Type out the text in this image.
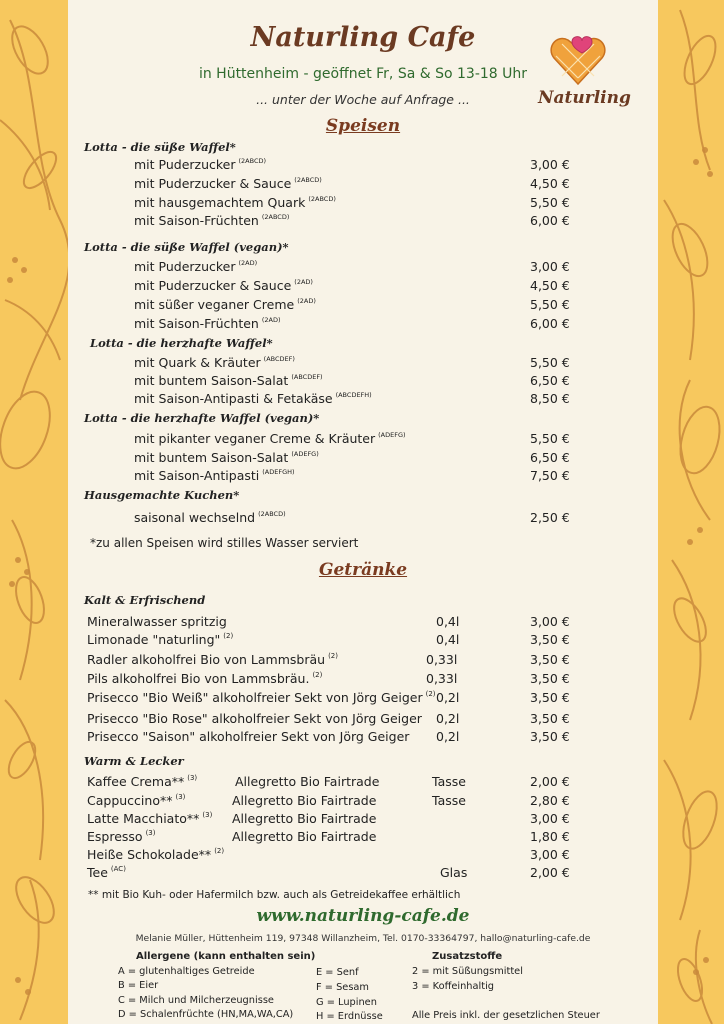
Naturling Cafe
in Hüttenheim - geöffnet Fr, Sa & So 13-18 Uhr
... unter der Woche auf Anfrage ...	Naturling
Speisen
Lotta - die süße Waffel*
mit Puderzucker $^{(2ABCD)}$	3,00 €
mit Puderzucker & Sauce $^{(2ABCD)}$	4,50 €
mit hausgemachtem Quark $^{(2ABCD)}$	5,50 €
mit Saison-Früchten $^{(2ABCD)}$	6,00 €
Lotta - die süße Waffel (vegan)*
mit Puderzucker $^{(2AD)}$	3,00 €
mit Puderzucker & Sauce $^{(2AD)}$	4,50 €
mit süßer veganer Creme $^{(2AD)}$	5,50 €
mit Saison-Früchten $^{(2AD)}$	6,00 €
Lotta - die herzhafte Waffel*
mit Quark & Kräuter $^{(ABCDEF)}$	5,50 €
mit buntem Saison-Salat $^{(ABCDEF)}$	6,50 €
mit Saison-Antipasti & Fetakäse $^{(ABCDEFH)}$	8,50 €
Lotta - die herzhafte Waffel (vegan)*
mit pikanter veganer Creme & Kräuter $^{(ADEFG)}$	5,50 €
mit buntem Saison-Salat $^{(ADEFG)}$	6,50 €
mit Saison-Antipasti $^{(ADEFGH)}$	7,50 €
Hausgemachte Kuchen*
saisonal wechselnd $^{(2ABCD)}$	2,50 €
*zu allen Speisen wird stilles Wasser serviert
Getränke
Kalt & Erfrischend
Mineralwasser spritzig	0,4l	3,00 €
Limonade "naturling" $^{(2)}$	0,4l	3,50 €
Radler alkoholfrei Bio von Lammsbräu $^{(2)}$	0,33l	3,50 €
Pils alkoholfrei Bio von Lammsbräu. $^{(2)}$	0,33l	3,50 €
Prisecco "Bio Weiß" alkoholfreier Sekt von Jörg Geiger $^{(2)}$ 0,2l	3,50 €
Prisecco "Bio Rose" alkoholfreier Sekt von Jörg Geiger 0,2l	3,50 €
Prisecco "Saison" alkoholfreier Sekt von Jörg Geiger 0,2l	3,50 €
Warm & Lecker
Kaffee Crema** $^{(3)}$	Allegretto Bio Fairtrade	Tasse	2,00 €
Cappuccino** $^{(3)}$	Allegretto Bio Fairtrade	Tasse	2,80 €
Latte Macchiato** $^{(3)}$ Allegretto Bio Fairtrade	3,00 €
Espresso $^{(3)}$	Allegretto Bio Fairtrade	1,80 €
Heiße Schokolade** $^{(2)}$	3,00 €
Tee $^{(AC)}$	Glas	2,00 €
** mit Bio Kuh- oder Hafermilch bzw. auch als Getreidekaffee erhältlich
www.naturling-cafe.de
Melanie Müller, Hüttenheim 119, 97348 Willanzheim, Tel. 0170-33364797, hallo@naturling-cafe.de
Allergene (kann enthalten sein)
A = glutenhaltiges Getreide
B = Eier
C = Milch und Milcherzeugnisse
D = Schalenfrüchte (HN,MA,WA,CA)
E = Senf
F = Sesam
G = Lupinen
H = Erdnüsse
Zusatzstoffe
2 = mit Süßungsmittel
3 = Koffeinhaltig
Alle Preis inkl. der gesetzlichen Steuer
